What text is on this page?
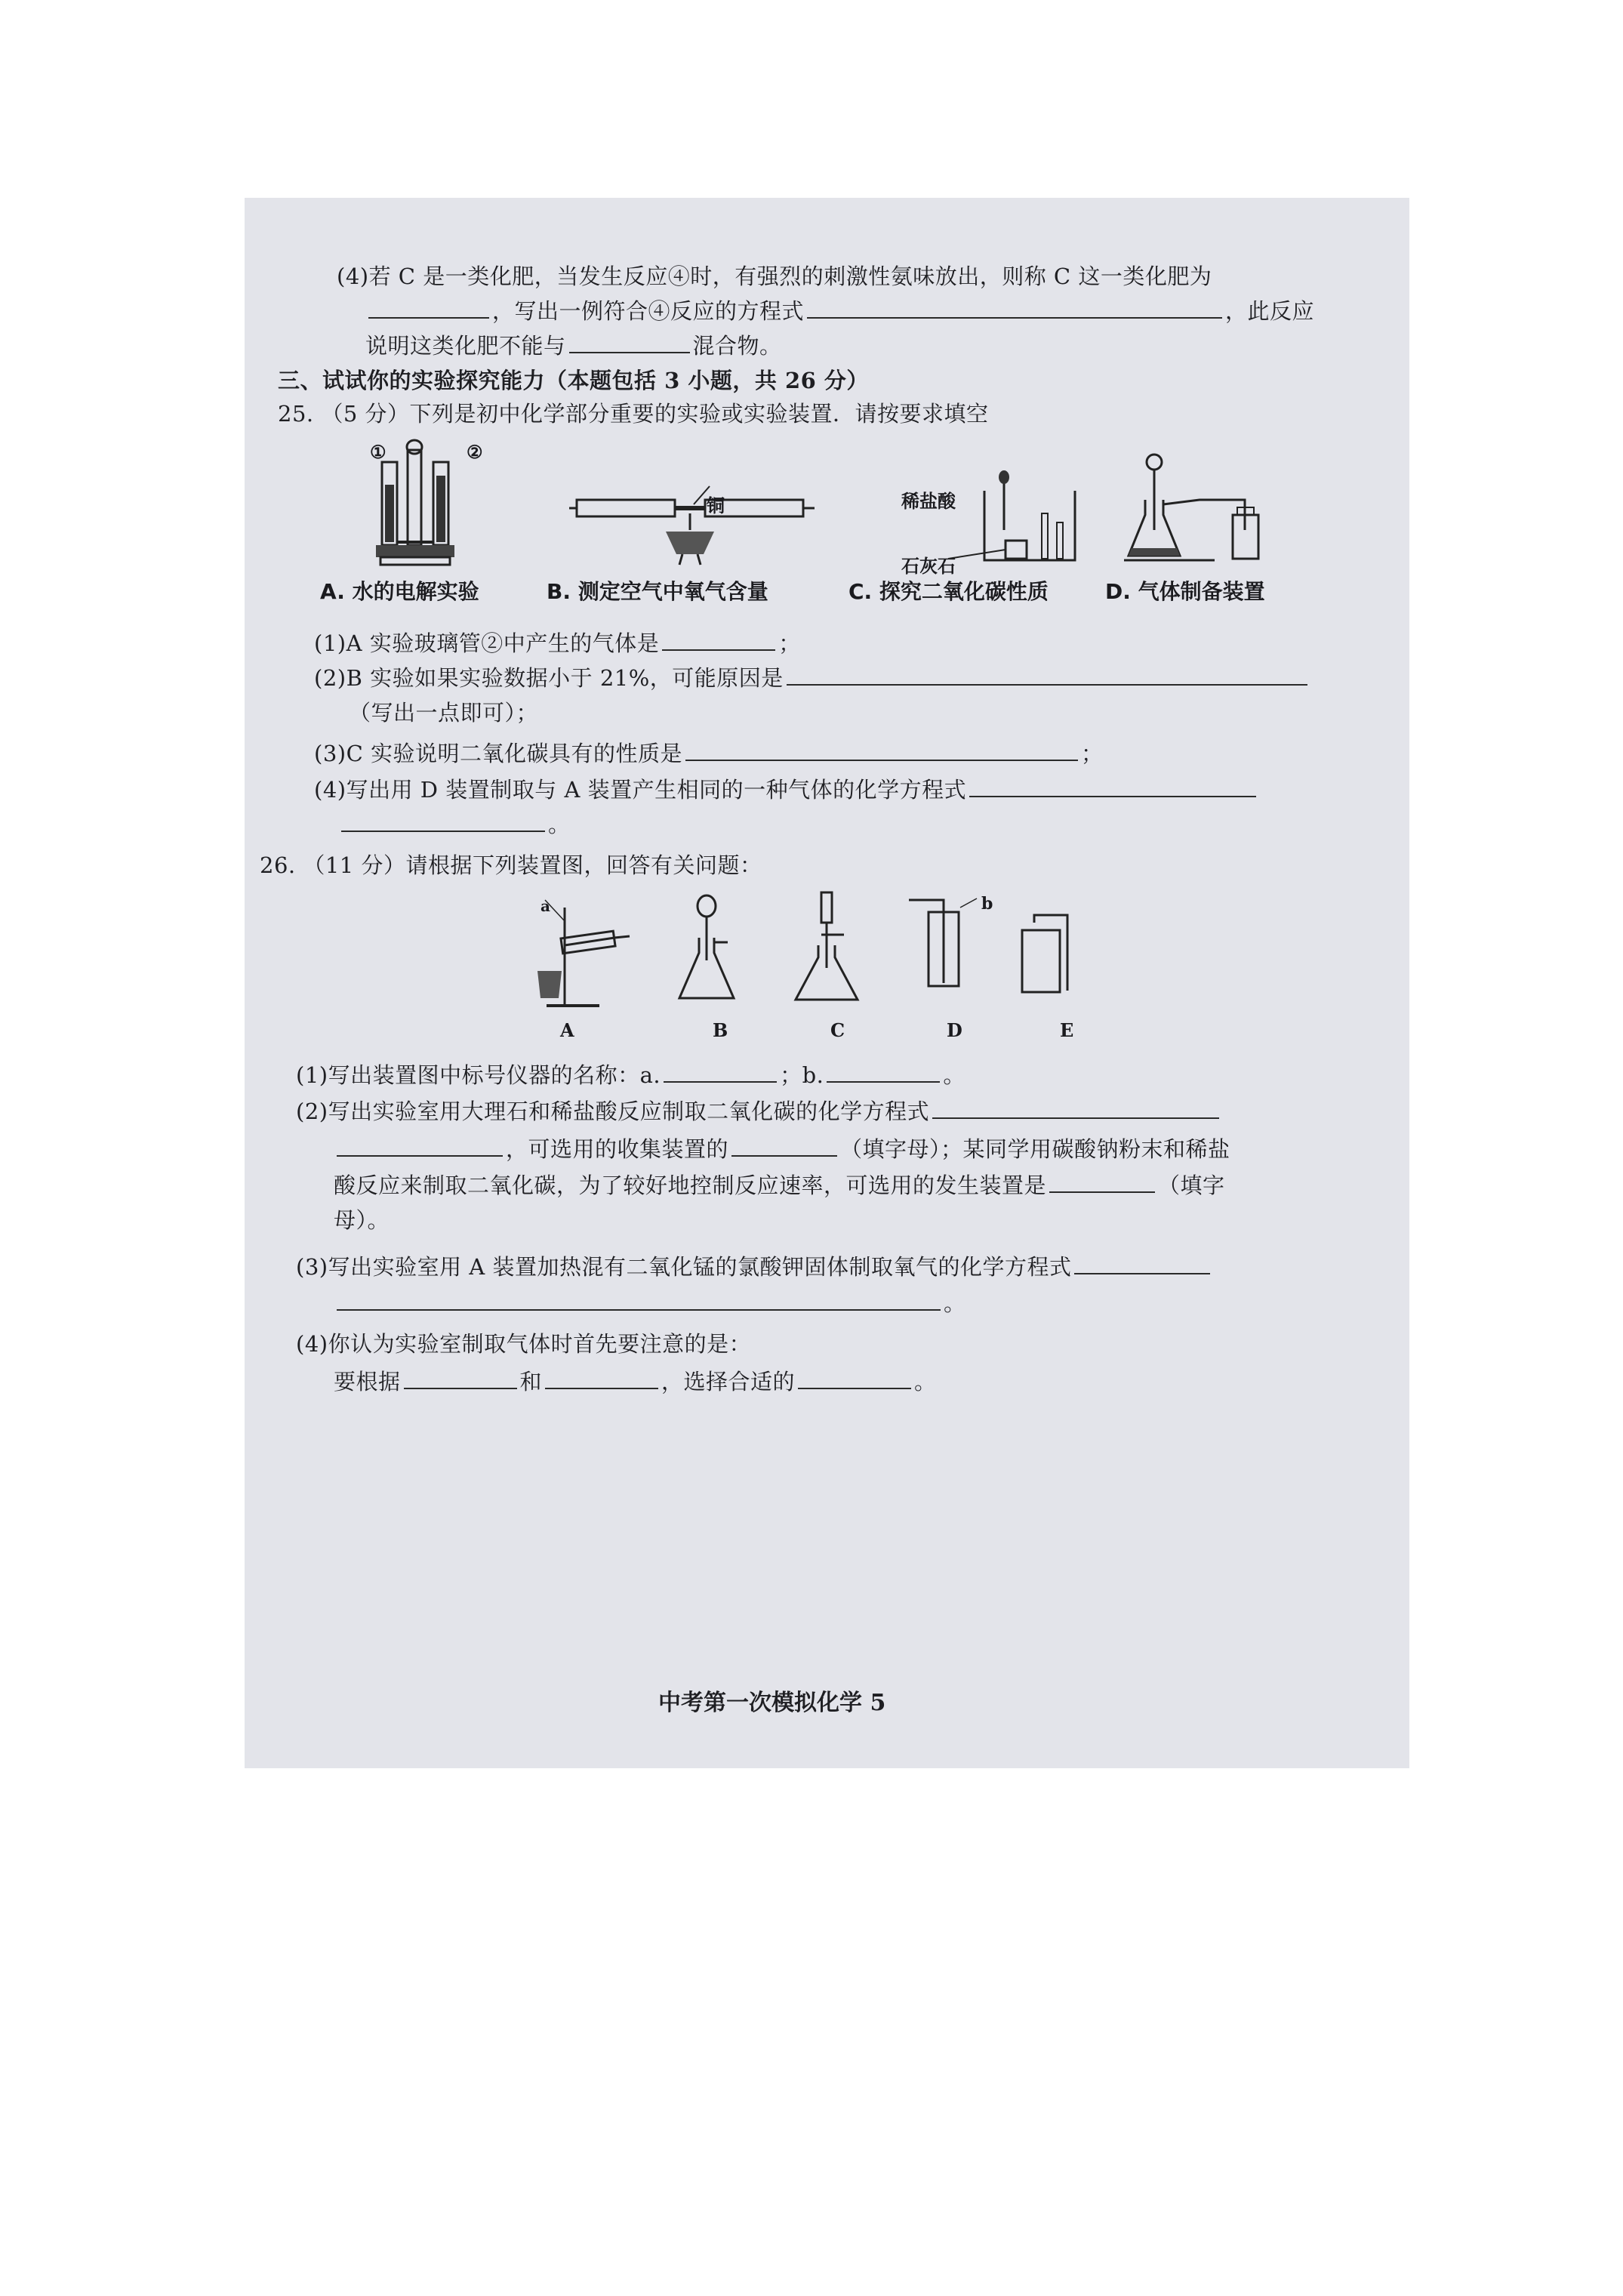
(4)若 C 是一类化肥，当发生反应④时，有强烈的刺激性氨味放出，则称 C 这一类化肥为
，写出一例符合④反应的方程式	，此反应
说明这类化肥不能与	混合物。
三、试试你的实验探究能力（本题包括 3 小题，共 26 分）
25. （5 分）下列是初中化学部分重要的实验或实验装置．请按要求填空
①	②
铜	稀盐酸
石灰石
A. 水的电解实验	B. 测定空气中氧气含量	C. 探究二氧化碳性质	D. 气体制备装置
(1)A 实验玻璃管②中产生的气体是	；
(2)B 实验如果实验数据小于 21%，可能原因是
（写出一点即可）；
(3)C 实验说明二氧化碳具有的性质是	；
(4)写出用 D 装置制取与 A 装置产生相同的一种气体的化学方程式
。
26. （11 分）请根据下列装置图，回答有关问题：
a	b
A	B	C	D	E
(1)写出装置图中标号仪器的名称：a.	；b.	。
(2)写出实验室用大理石和稀盐酸反应制取二氧化碳的化学方程式
，可选用的收集装置的	（填字母）；某同学用碳酸钠粉末和稀盐
酸反应来制取二氧化碳，为了较好地控制反应速率，可选用的发生装置是	（填字
母）。
(3)写出实验室用 A 装置加热混有二氧化锰的氯酸钾固体制取氧气的化学方程式
。
(4)你认为实验室制取气体时首先要注意的是：
要根据	和	，选择合适的	。
中考第一次模拟化学 5
